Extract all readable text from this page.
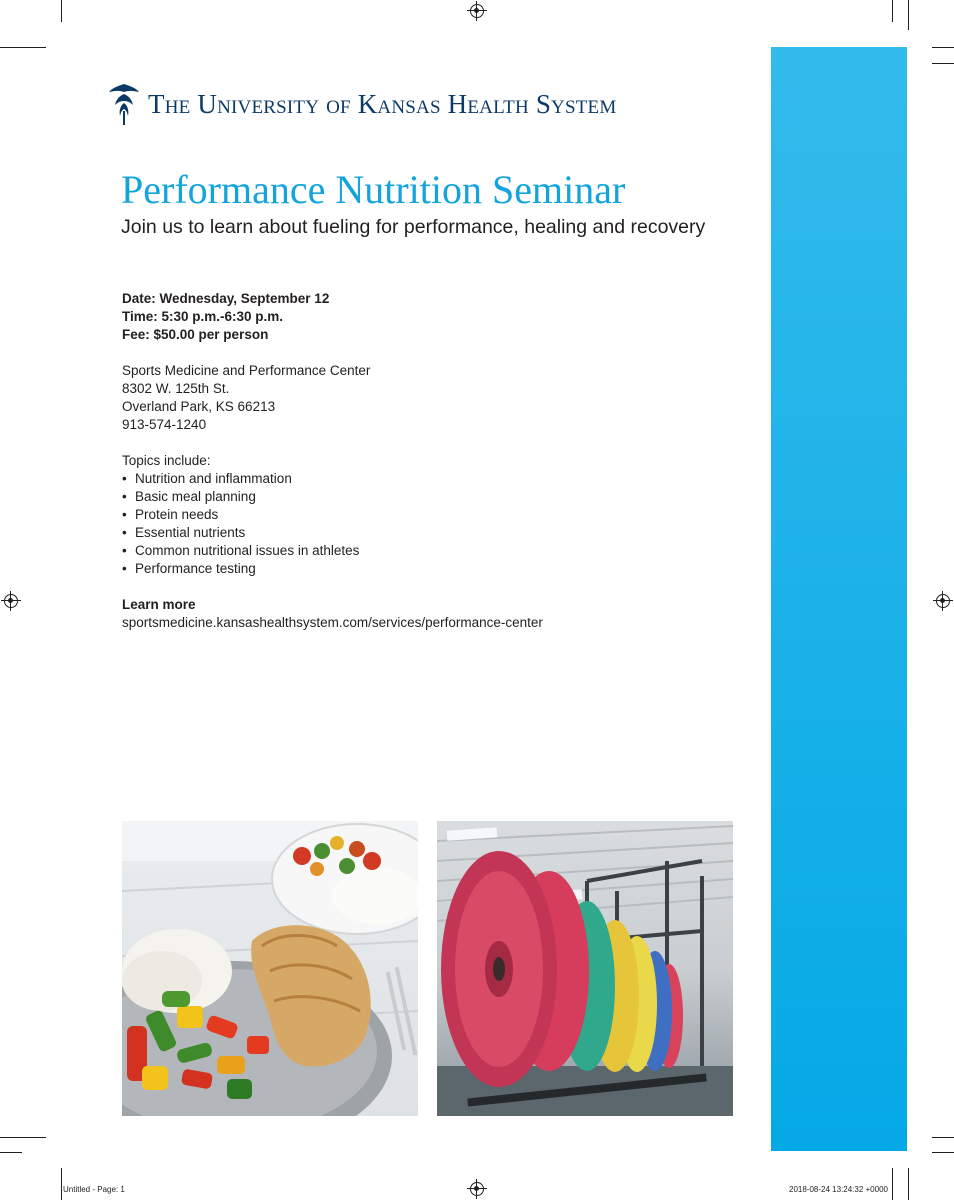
The University of Kansas Health System
Performance Nutrition Seminar

Join us to learn about fueling for performance, healing and recovery

Date: Wednesday, September 12
Time: 5:30 p.m.-6:30 p.m.
Fee: $50.00 per person
Sports Medicine and Performance Center
8302 W. 125th St.
Overland Park, KS 66213
913-574-1240
Topics include:
• Nutrition and inflammation
• Basic meal planning
• Protein needs
• Essential nutrients
• Common nutritional issues in athletes
• Performance testing
Learn more
sportsmedicine.kansashealthsystem.com/services/performance-center
Untitled - Page: 1	2018-08-24 13:24:32 +0000
